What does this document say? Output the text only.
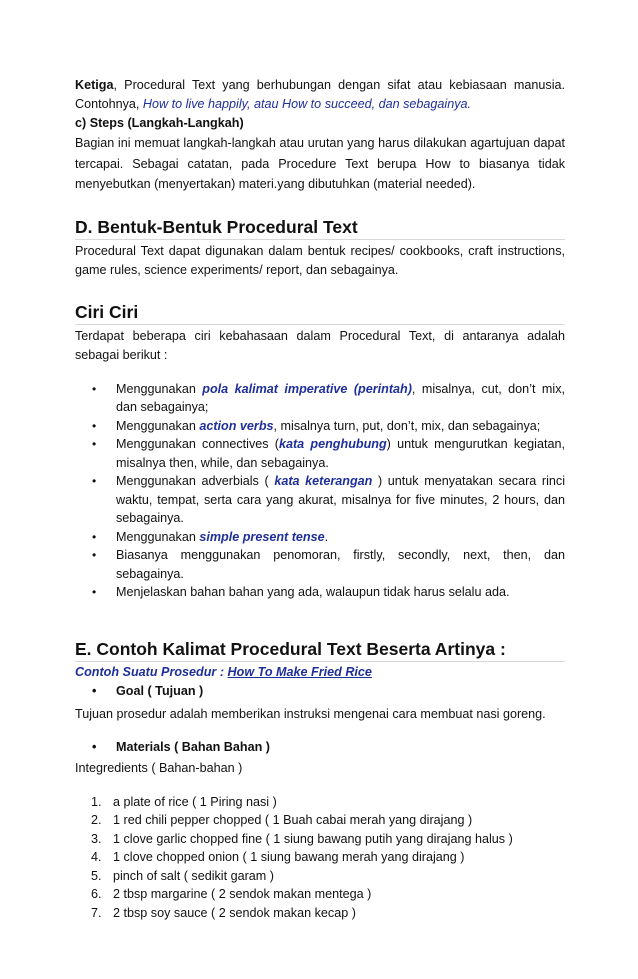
Ketiga, Procedural Text yang berhubungan dengan sifat atau kebiasaan manusia. Contohnya, How to live happily, atau How to succeed, dan sebagainya.

c) Steps (Langkah-Langkah)

Bagian ini memuat langkah-langkah atau urutan yang harus dilakukan agartujuan dapat tercapai. Sebagai catatan, pada Procedure Text berupa How to biasanya tidak menyebutkan (menyertakan) materi.yang dibutuhkan (material needed).

D. Bentuk-Bentuk Procedural Text

Procedural Text dapat digunakan dalam bentuk recipes/ cookbooks, craft instructions, game rules, science experiments/ report, dan sebagainya.

Ciri Ciri

Terdapat beberapa ciri kebahasaan dalam Procedural Text, di antaranya adalah sebagai berikut :

• Menggunakan pola kalimat imperative (perintah), misalnya, cut, don’t mix, dan sebagainya;
• Menggunakan action verbs, misalnya turn, put, don’t, mix, dan sebagainya;
• Menggunakan connectives (kata penghubung) untuk mengurutkan kegiatan, misalnya then, while, dan sebagainya.
• Menggunakan adverbials ( kata keterangan ) untuk menyatakan secara rinci waktu, tempat, serta cara yang akurat, misalnya for five minutes, 2 hours, dan sebagainya.
• Menggunakan simple present tense.
• Biasanya menggunakan penomoran, firstly, secondly, next, then, dan sebagainya.
• Menjelaskan bahan bahan yang ada, walaupun tidak harus selalu ada.
E. Contoh Kalimat Procedural Text Beserta Artinya :

Contoh Suatu Prosedur : How To Make Fried Rice

• Goal ( Tujuan )

Tujuan prosedur adalah memberikan instruksi mengenai cara membuat nasi goreng.

• Materials ( Bahan Bahan )

Integredients ( Bahan-bahan )

1. a plate of rice ( 1 Piring nasi )
2. 1 red chili pepper chopped ( 1 Buah cabai merah yang dirajang )
3. 1 clove garlic chopped fine ( 1 siung bawang putih yang dirajang halus )
4. 1 clove chopped onion ( 1 siung bawang merah yang dirajang )
5. pinch of salt ( sedikit garam )
6. 2 tbsp margarine ( 2 sendok makan mentega )
7. 2 tbsp soy sauce ( 2 sendok makan kecap )
